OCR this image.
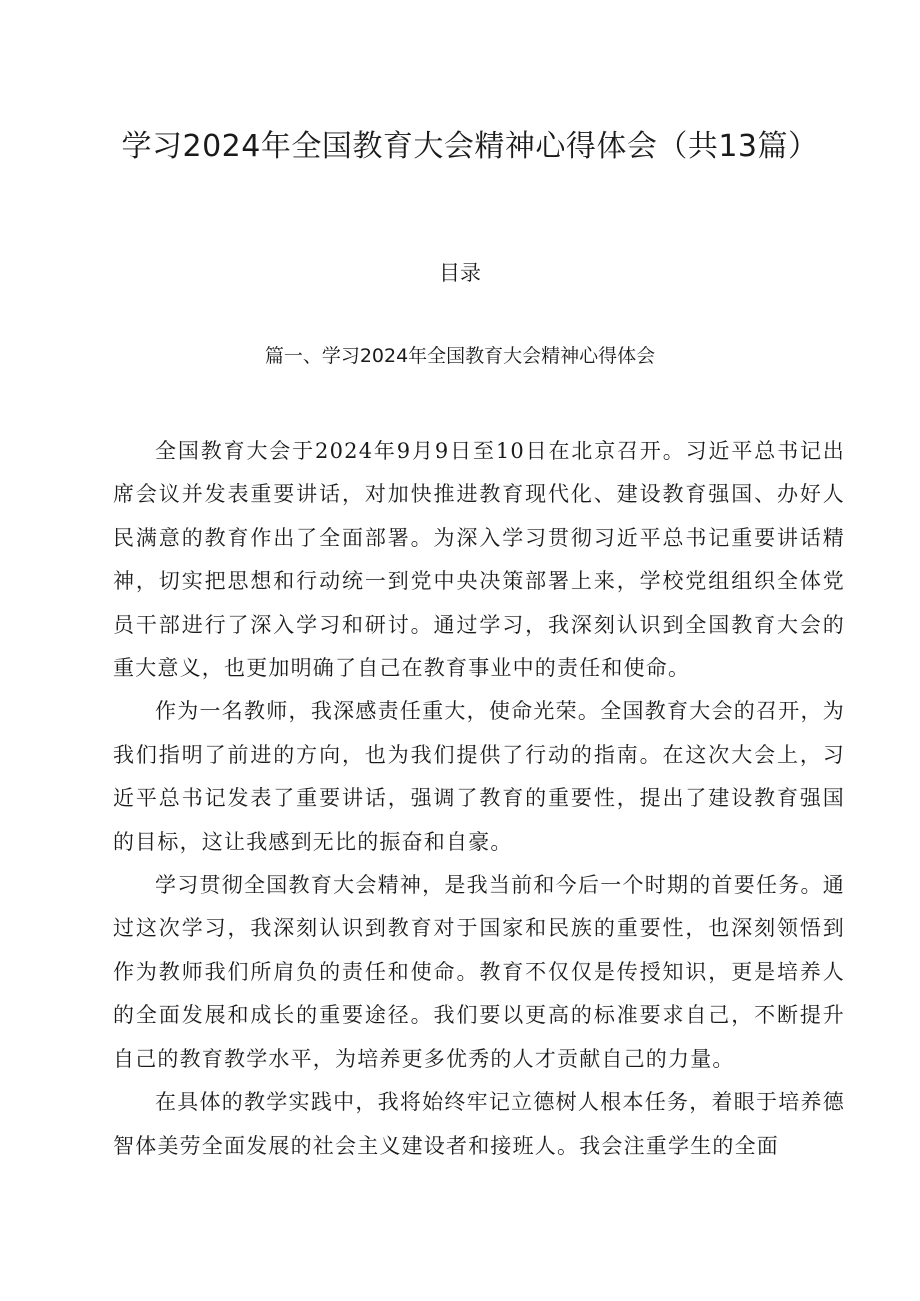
学习2024年全国教育大会精神心得体会（共13篇）
目录
篇一、学习2024年全国教育大会精神心得体会

全国教育大会于2024年9月9日至10日在北京召开。习近平总书记出席会议并发表重要讲话，对加快推进教育现代化、建设教育强国、办好人民满意的教育作出了全面部署。为深入学习贯彻习近平总书记重要讲话精神，切实把思想和行动统一到党中央决策部署上来，学校党组组织全体党员干部进行了深入学习和研讨。通过学习，我深刻认识到全国教育大会的重大意义，也更加明确了自己在教育事业中的责任和使命。

作为一名教师，我深感责任重大，使命光荣。全国教育大会的召开，为我们指明了前进的方向，也为我们提供了行动的指南。在这次大会上，习近平总书记发表了重要讲话，强调了教育的重要性，提出了建设教育强国的目标，这让我感到无比的振奋和自豪。

学习贯彻全国教育大会精神，是我当前和今后一个时期的首要任务。通过这次学习，我深刻认识到教育对于国家和民族的重要性，也深刻领悟到作为教师我们所肩负的责任和使命。教育不仅仅是传授知识，更是培养人的全面发展和成长的重要途径。我们要以更高的标准要求自己，不断提升自己的教育教学水平，为培养更多优秀的人才贡献自己的力量。

在具体的教学实践中，我将始终牢记立德树人根本任务，着眼于培养德智体美劳全面发展的社会主义建设者和接班人。我会注重学生的全面
